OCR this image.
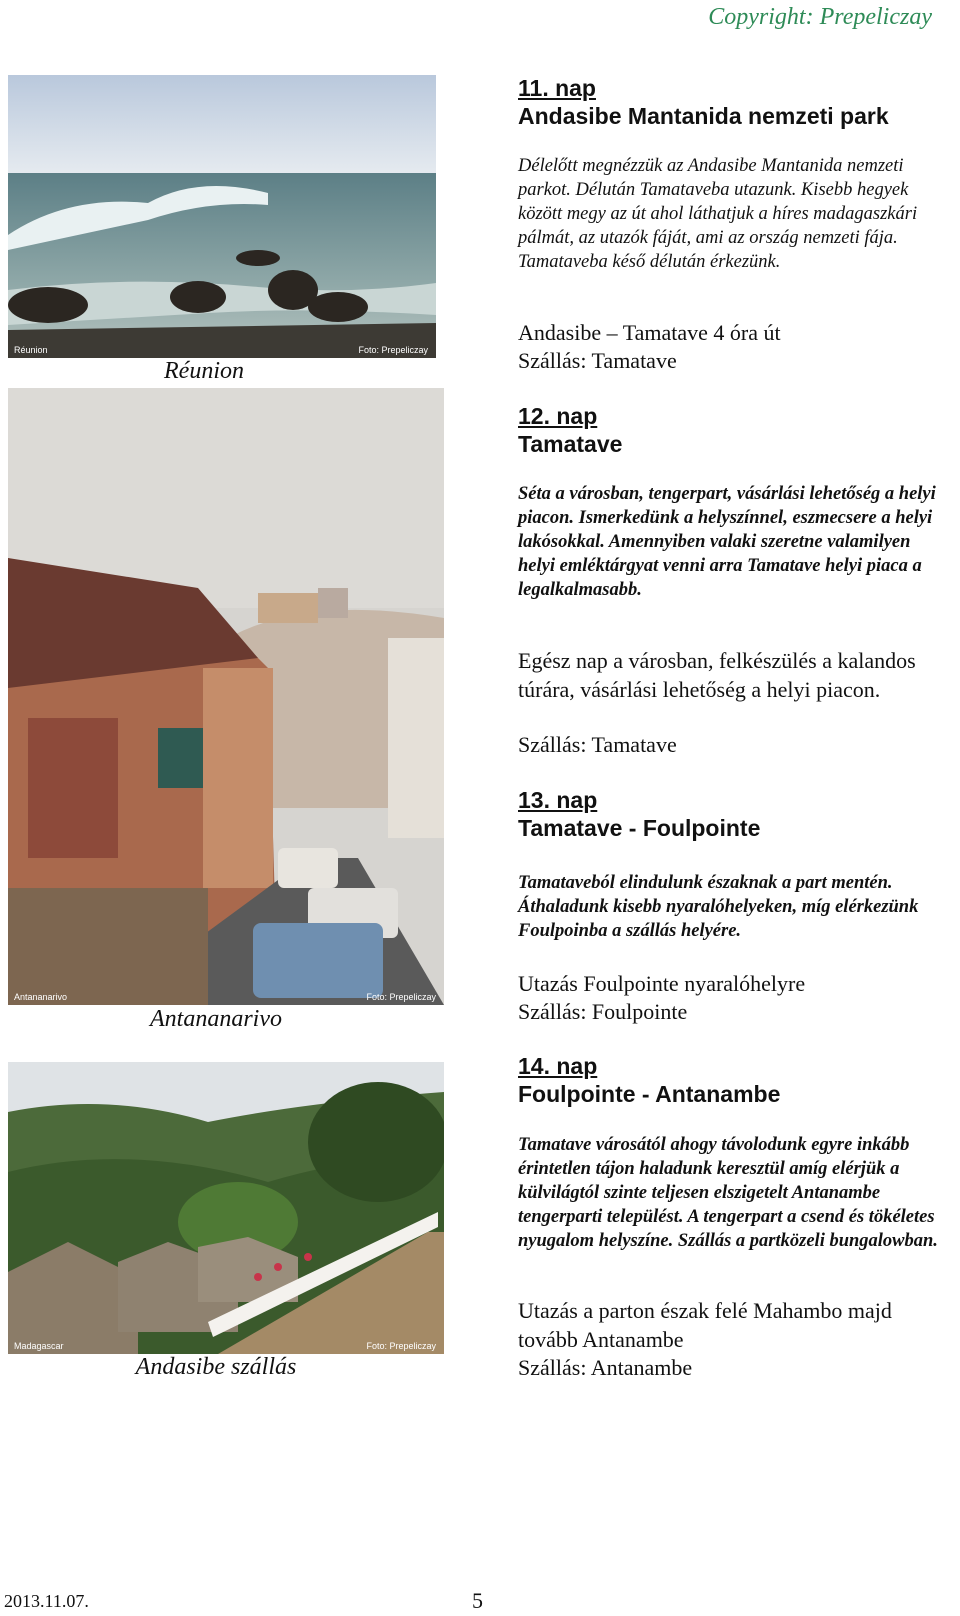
Copyright: Prepeliczay
Réunion	Foto: Prepeliczay
Réunion
Antananarivo	Foto: Prepeliczay
Antananarivo
Madagascar	Foto: Prepeliczay
Andasibe szállás
11. nap
Andasibe Mantanida nemzeti park
Délelőtt megnézzük az Andasibe Mantanida nemzeti parkot. Délután Tamataveba utazunk. Kisebb hegyek között megy az út ahol láthatjuk a híres madagaszkári pálmát, az utazók fáját, ami az ország nemzeti fája. Tamataveba késő délután érkezünk.
Andasibe – Tamatave 4 óra út
Szállás: Tamatave
12. nap
Tamatave
Séta a városban, tengerpart, vásárlási lehetőség a helyi piacon. Ismerkedünk a helyszínnel, eszmecsere a helyi lakósokkal. Amennyiben valaki szeretne valamilyen helyi emléktárgyat venni arra Tamatave helyi piaca a legalkalmasabb.
Egész nap a városban, felkészülés a kalandos túrára, vásárlási lehetőség a helyi piacon.
Szállás: Tamatave
13. nap
Tamatave - Foulpointe
Tamataveból elindulunk északnak a part mentén. Áthaladunk kisebb nyaralóhelyeken, míg elérkezünk Foulpoinba a szállás helyére.
Utazás Foulpointe nyaralóhelyre
Szállás: Foulpointe
14. nap
Foulpointe - Antanambe
Tamatave városától ahogy távolodunk egyre inkább érintetlen tájon haladunk keresztül amíg elérjük a külvilágtól szinte teljesen elszigetelt Antanambe tengerparti települést. A tengerpart a csend és tökéletes nyugalom helyszíne. Szállás a partközeli bungalowban.
Utazás a parton észak felé Mahambo majd tovább Antanambe
Szállás: Antanambe
2013.11.07.	5
